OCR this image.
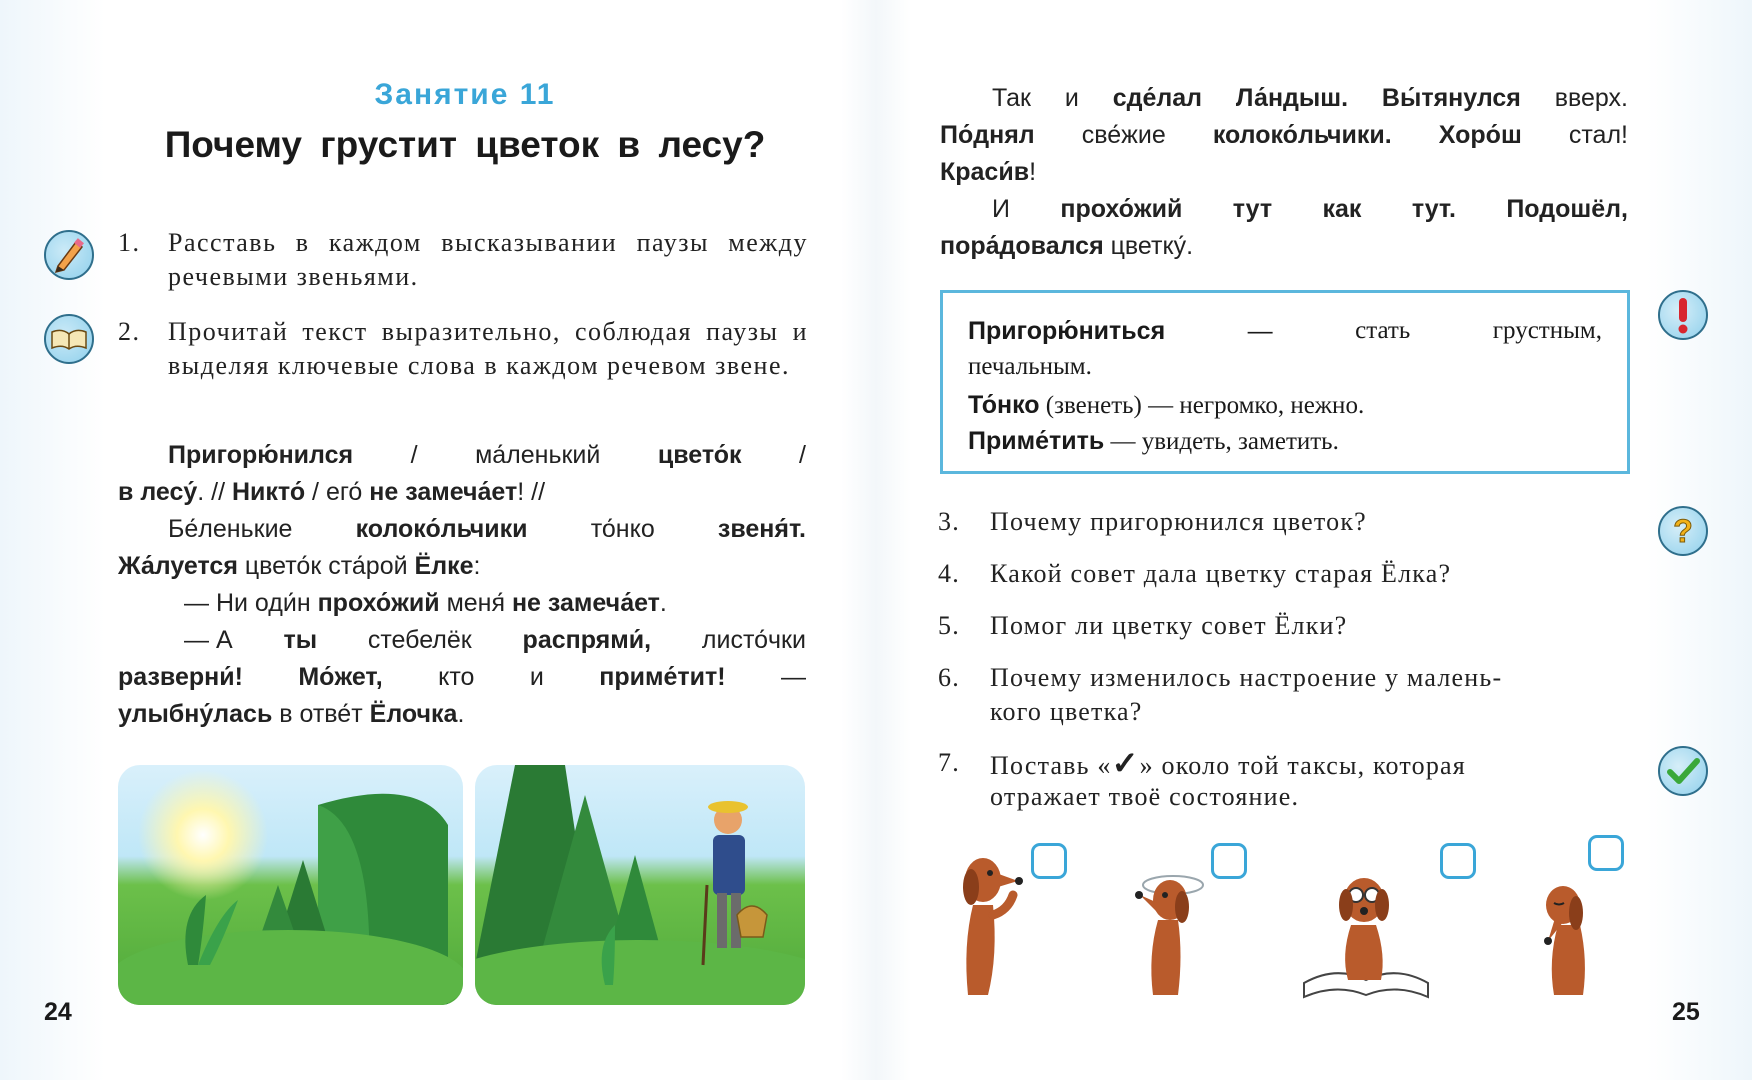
Занятие 11
Почему грустит цветок в лесу?
1. Расставь в каждом высказывании паузы между речевыми звеньями.
2. Прочитай текст выразительно, соблюдая паузы и выделяя ключевые слова в каждом речевом звене.
Пригорю́нился / ма́ленький цвето́к /
в лесу́. // Никто́ / его́ не замеча́ет! //
Бе́ленькие	колоко́льчики	то́нко	звеня́т.
Жа́луется цвето́к ста́рой Ёлке:
— Ни оди́н прохо́жий меня́ не замеча́ет.
— А ты стебелёк распрями́, листо́чки
разверни́! Мо́жет, кто и приме́тит! —
улыбну́лась в отве́т Ёлочка.
24
Так и сде́лал Ла́ндыш. Вы́тянулся вверх.
По́днял све́жие колоко́льчики. Хоро́ш стал!
Краси́в!
И прохо́жий тут как тут. Подошёл,
пора́довался цветку́.
Пригорю́ниться	—	стать	грустным,
печальным.
То́нко (звенеть) — негромко, нежно.
Приме́тить — увидеть, заметить.
?
3. Почему пригорюнился цветок?
4. Какой совет дала цветку старая Ёлка?
5. Помог ли цветку совет Ёлки?
6. Почему изменилось настроение у малень-
кого цветка?
7. Поставь «✓» около той таксы, которая
отражает твоё состояние.
25
